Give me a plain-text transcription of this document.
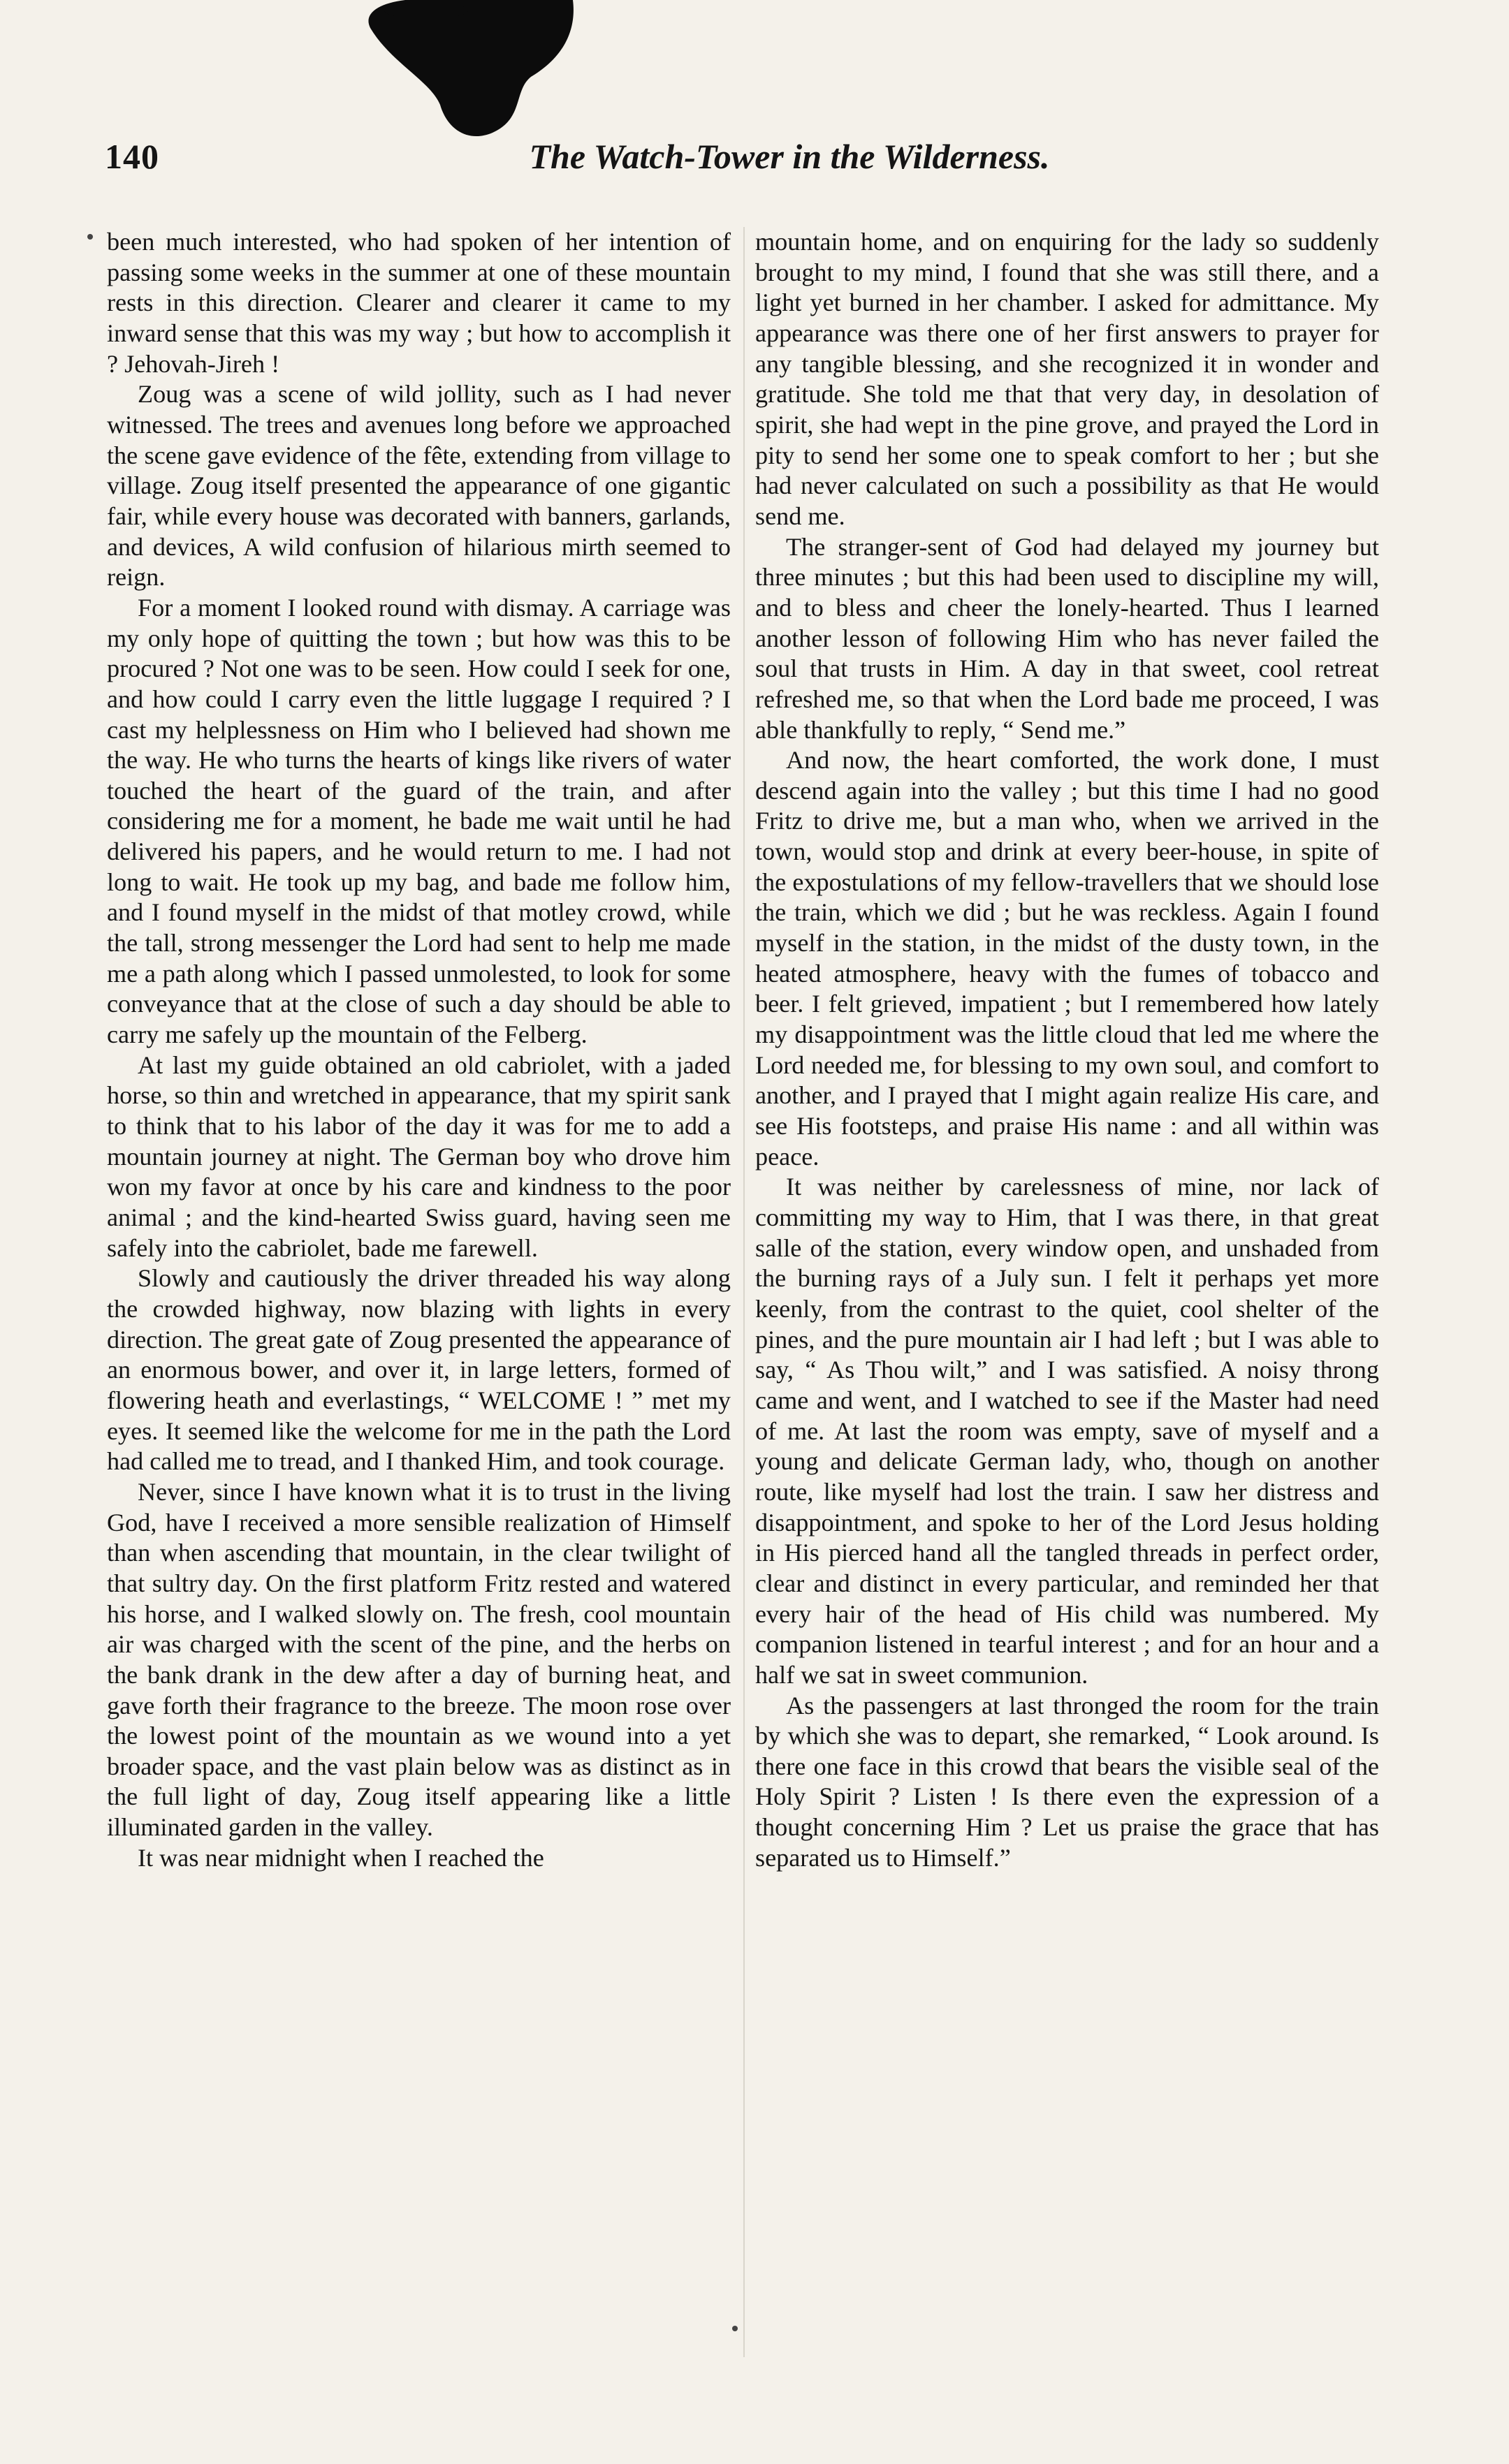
140	The Watch-Tower in the Wilderness.

been much interested, who had spoken of her intention of passing some weeks in the summer at one of these mountain rests in this direction. Clearer and clearer it came to my inward sense that this was my way ; but how to accomplish it ? Jehovah-Jireh !

Zoug was a scene of wild jollity, such as I had never witnessed. The trees and avenues long before we approached the scene gave evidence of the fête, extending from village to village. Zoug itself presented the appearance of one gigantic fair, while every house was decorated with banners, garlands, and devices, A wild confusion of hilarious mirth seemed to reign.

For a moment I looked round with dismay. A carriage was my only hope of quitting the town ; but how was this to be procured ? Not one was to be seen. How could I seek for one, and how could I carry even the little luggage I required ? I cast my helplessness on Him who I believed had shown me the way. He who turns the hearts of kings like rivers of water touched the heart of the guard of the train, and after considering me for a moment, he bade me wait until he had delivered his papers, and he would return to me. I had not long to wait. He took up my bag, and bade me follow him, and I found myself in the midst of that motley crowd, while the tall, strong messenger the Lord had sent to help me made me a path along which I passed unmolested, to look for some conveyance that at the close of such a day should be able to carry me safely up the mountain of the Felberg.

At last my guide obtained an old cabriolet, with a jaded horse, so thin and wretched in appearance, that my spirit sank to think that to his labor of the day it was for me to add a mountain journey at night. The German boy who drove him won my favor at once by his care and kindness to the poor animal ; and the kind-hearted Swiss guard, having seen me safely into the cabriolet, bade me farewell.

Slowly and cautiously the driver threaded his way along the crowded highway, now blazing with lights in every direction. The great gate of Zoug presented the appearance of an enormous bower, and over it, in large letters, formed of flowering heath and everlastings, “ WELCOME ! ” met my eyes. It seemed like the welcome for me in the path the Lord had called me to tread, and I thanked Him, and took courage.

Never, since I have known what it is to trust in the living God, have I received a more sensible realization of Himself than when ascending that mountain, in the clear twilight of that sultry day. On the first platform Fritz rested and watered his horse, and I walked slowly on. The fresh, cool mountain air was charged with the scent of the pine, and the herbs on the bank drank in the dew after a day of burning heat, and gave forth their fragrance to the breeze. The moon rose over the lowest point of the mountain as we wound into a yet broader space, and the vast plain below was as distinct as in the full light of day, Zoug itself appearing like a little illuminated garden in the valley.

It was near midnight when I reached the

mountain home, and on enquiring for the lady so suddenly brought to my mind, I found that she was still there, and a light yet burned in her chamber. I asked for admittance. My appearance was there one of her first answers to prayer for any tangible blessing, and she recognized it in wonder and gratitude. She told me that that very day, in desolation of spirit, she had wept in the pine grove, and prayed the Lord in pity to send her some one to speak comfort to her ; but she had never calculated on such a possibility as that He would send me.

The stranger-sent of God had delayed my journey but three minutes ; but this had been used to discipline my will, and to bless and cheer the lonely-hearted. Thus I learned another lesson of following Him who has never failed the soul that trusts in Him. A day in that sweet, cool retreat refreshed me, so that when the Lord bade me proceed, I was able thankfully to reply, “ Send me.”

And now, the heart comforted, the work done, I must descend again into the valley ; but this time I had no good Fritz to drive me, but a man who, when we arrived in the town, would stop and drink at every beer-house, in spite of the expostulations of my fellow-travellers that we should lose the train, which we did ; but he was reckless. Again I found myself in the station, in the midst of the dusty town, in the heated atmosphere, heavy with the fumes of tobacco and beer. I felt grieved, impatient ; but I remembered how lately my disappointment was the little cloud that led me where the Lord needed me, for blessing to my own soul, and comfort to another, and I prayed that I might again realize His care, and see His footsteps, and praise His name : and all within was peace.

It was neither by carelessness of mine, nor lack of committing my way to Him, that I was there, in that great salle of the station, every window open, and unshaded from the burning rays of a July sun. I felt it perhaps yet more keenly, from the contrast to the quiet, cool shelter of the pines, and the pure mountain air I had left ; but I was able to say, “ As Thou wilt,” and I was satisfied. A noisy throng came and went, and I watched to see if the Master had need of me. At last the room was empty, save of myself and a young and delicate German lady, who, though on another route, like myself had lost the train. I saw her distress and disappointment, and spoke to her of the Lord Jesus holding in His pierced hand all the tangled threads in perfect order, clear and distinct in every particular, and reminded her that every hair of the head of His child was numbered. My companion listened in tearful interest ; and for an hour and a half we sat in sweet communion.

As the passengers at last thronged the room for the train by which she was to depart, she remarked, “ Look around. Is there one face in this crowd that bears the visible seal of the Holy Spirit ? Listen ! Is there even the expression of a thought concerning Him ? Let us praise the grace that has separated us to Himself.”
